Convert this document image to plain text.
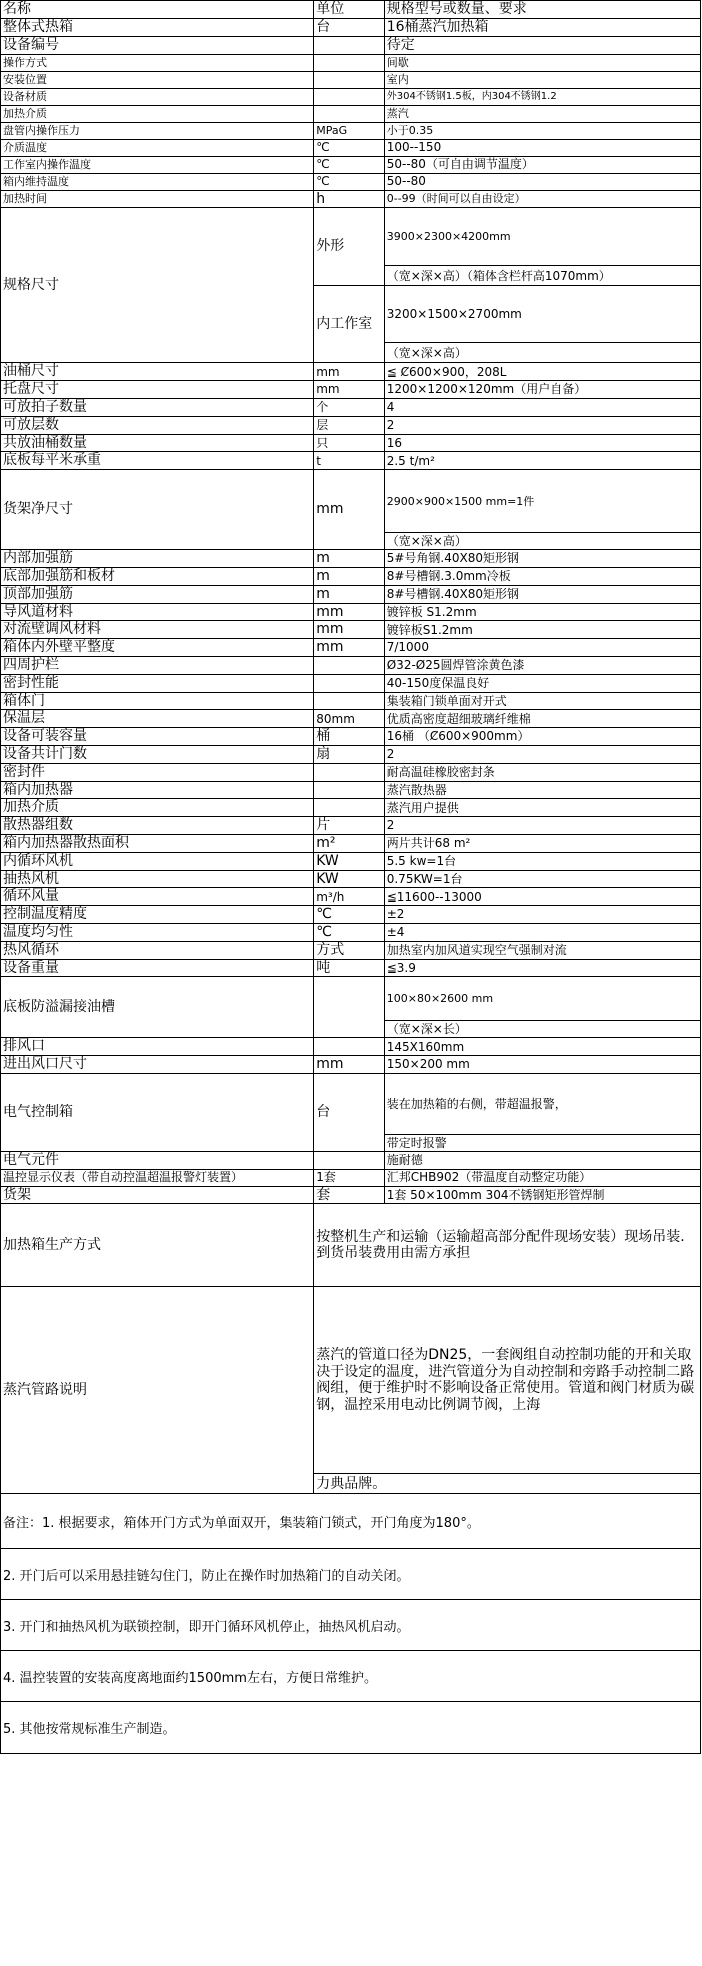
名称	单位	规格型号或数量、要求
整体式热箱	台	16桶蒸汽加热箱
设备编号		待定
操作方式		间歇
安装位置		室内
设备材质		外304不锈钢1.5板，内304不锈钢1.2
加热介质		蒸汽
盘管内操作压力	MPaG	小于0.35
介质温度	℃	100--150
工作室内操作温度	℃	50--80（可自由调节温度）
箱内维持温度	℃	50--80
加热时间	h	0--99（时间可以自由设定）
规格尺寸	外形	3900×2300×4200mm
		（宽×深×高）（箱体含栏杆高1070mm）
	内工作室	3200×1500×2700mm
		（宽×深×高）
油桶尺寸	mm	≦ Ȼ600×900，208L
托盘尺寸	mm	1200×1200×120mm（用户自备）
可放拍子数量	个	4
可放层数	层	2
共放油桶数量	只	16
底板每平米承重	t	2.5 t/m²
货架净尺寸	mm	2900×900×1500 mm=1件
		（宽×深×高）
内部加强筋	m	5#号角钢.40X80矩形钢
底部加强筋和板材	m	8#号槽钢.3.0mm冷板
顶部加强筋	m	8#号槽钢.40X80矩形钢
导风道材料	mm	镀锌板 S1.2mm
对流壁调风材料	mm	镀锌板S1.2mm
箱体内外壁平整度	mm	7/1000
四周护栏		Ø32-Ø25圆焊管涂黄色漆
密封性能		40-150度保温良好
箱体门		集装箱门锁单面对开式
保温层	80mm	优质高密度超细玻璃纤维棉
设备可装容量	桶	16桶 （Ȼ600×900mm）
设备共计门数	扇	2
密封件		耐高温硅橡胶密封条
箱内加热器		蒸汽散热器
加热介质		蒸汽用户提供
散热器组数	片	2
箱内加热器散热面积	m²	两片共计68 m²
内循环风机	KW	5.5 kw=1台
抽热风机	KW	0.75KW=1台
循环风量	m³/h	≦11600--13000
控制温度精度	℃	±2
温度均匀性	℃	±4
热风循环	方式	加热室内加风道实现空气强制对流
设备重量	吨	≦3.9
底板防溢漏接油槽		100×80×2600 mm
		（宽×深×长）
排风口		145X160mm
进出风口尺寸	mm	150×200 mm
电气控制箱	台	装在加热箱的右侧，带超温报警，
		带定时报警
电气元件		施耐德
温控显示仪表（带自动控温超温报警灯装置）	1套	汇邦CHB902（带温度自动整定功能）
货架	套	1套 50×100mm 304不锈钢矩形管焊制
加热箱生产方式	按整机生产和运输（运输超高部分配件现场安装）现场吊装.到货吊装费用由需方承担	
蒸汽管路说明	蒸汽的管道口径为DN25，一套阀组自动控制功能的开和关取决于设定的温度，进汽管道分为自动控制和旁路手动控制二路阀组，便于维护时不影响设备正常使用。管道和阀门材质为碳钢，温控采用电动比例调节阀，上海	
	力典品牌。	
备注：1. 根据要求，箱体开门方式为单面双开，集装箱门锁式，开门角度为180°。
2. 开门后可以采用悬挂链勾住门，防止在操作时加热箱门的自动关闭。
3. 开门和抽热风机为联锁控制，即开门循环风机停止，抽热风机启动。
4. 温控装置的安装高度离地面约1500mm左右，方便日常维护。
5. 其他按常规标准生产制造。
